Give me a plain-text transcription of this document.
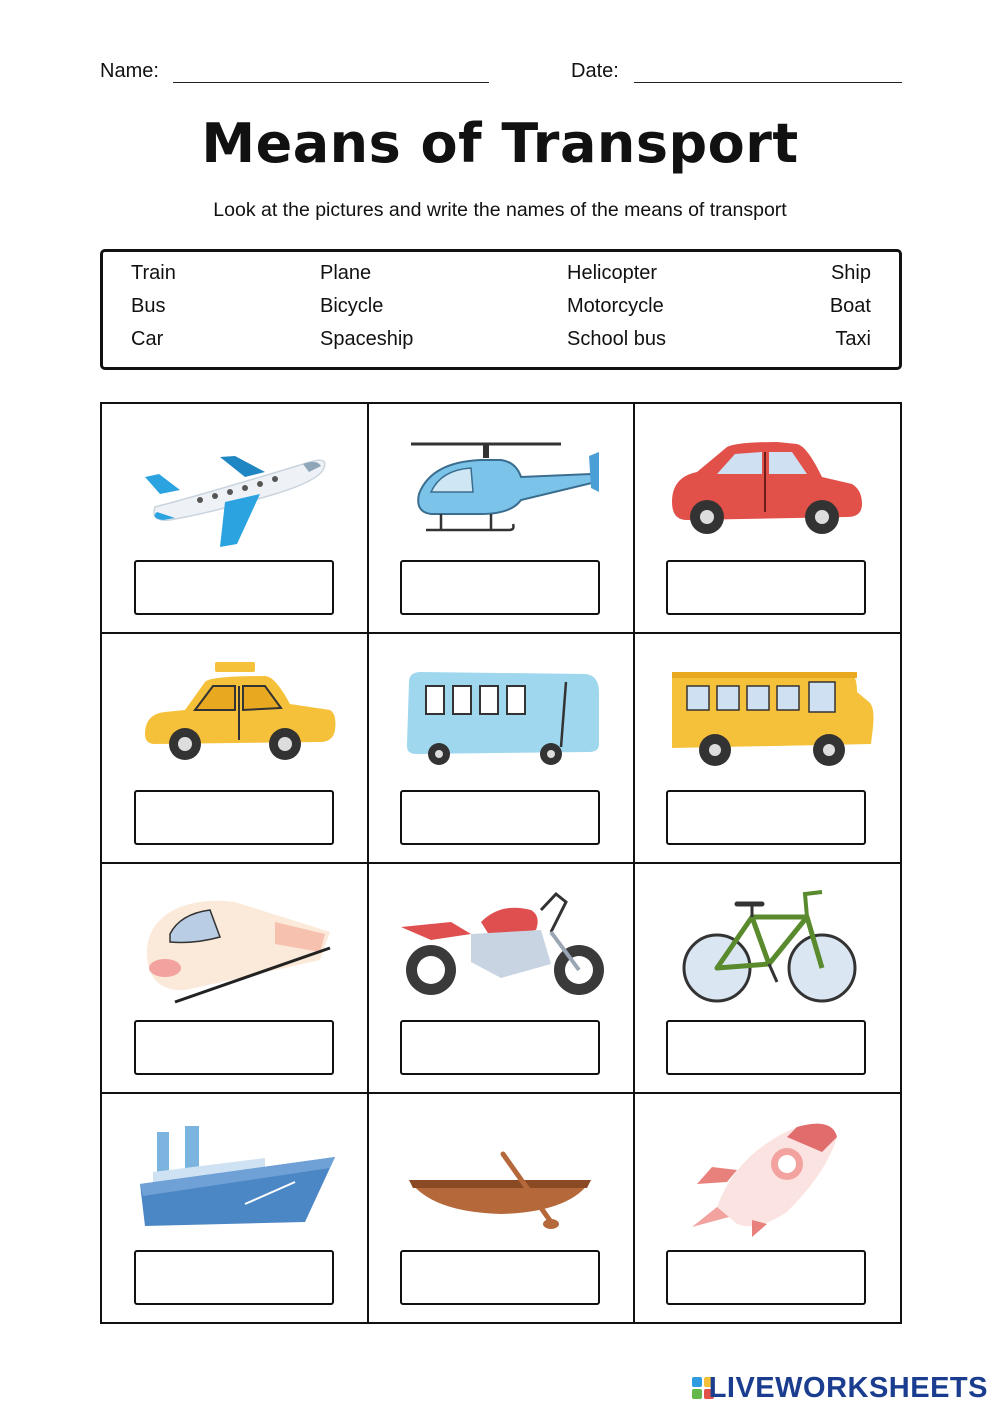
Name:	Date:
Means of Transport

Look at the pictures and write the names of the means of transport

Train	Plane	Helicopter	Ship
Bus	Bicycle	Motorcycle	Boat
Car	Spaceship	School bus	Taxi
LIVEWORKSHEETS
